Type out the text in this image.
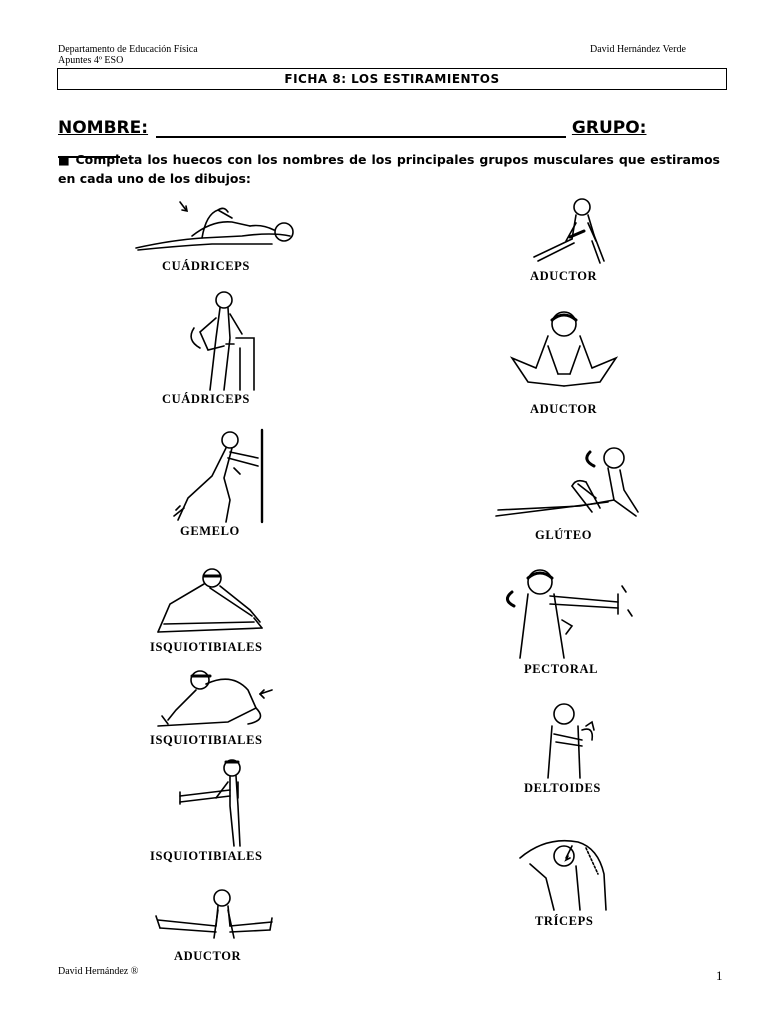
Departamento de Educación Física
Apuntes 4º ESO
David Hernández Verde
FICHA 8: LOS ESTIRAMIENTOS
NOMBRE:	GRUPO:
■ Completa los huecos con los nombres de los principales grupos musculares que estiramos en cada uno de los dibujos:
CUÁDRICEPS
CUÁDRICEPS
GEMELO
ISQUIOTIBIALES
ISQUIOTIBIALES
ISQUIOTIBIALES
ADUCTOR
ADUCTOR
ADUCTOR
GLÚTEO
PECTORAL
DELTOIDES
TRÍCEPS
David Hernández ®	1
